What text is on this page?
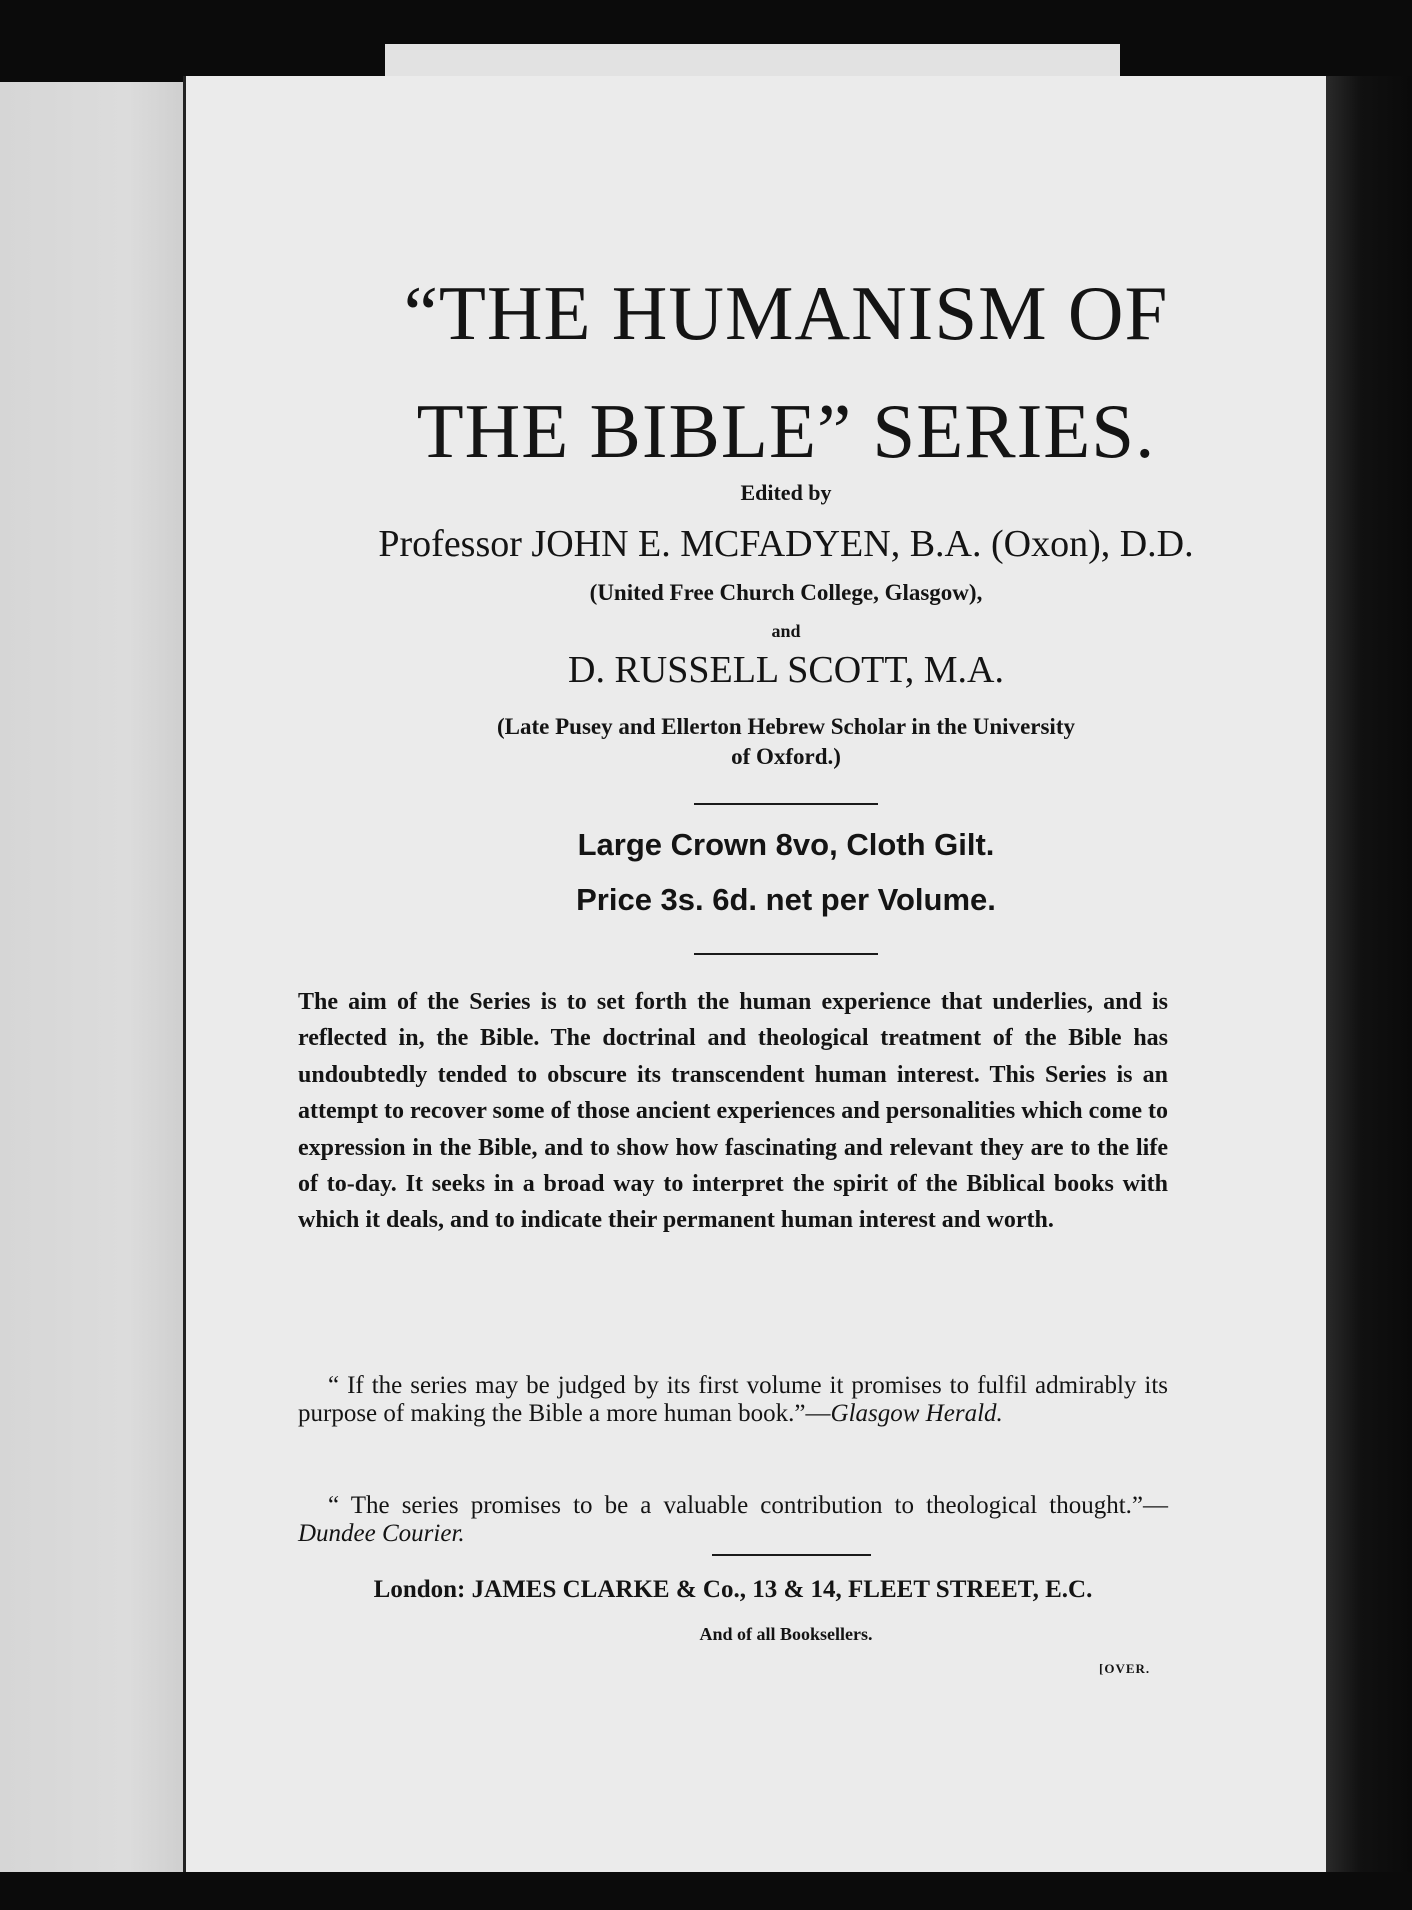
“THE HUMANISM OF
THE BIBLE” SERIES.
Edited by
Professor JOHN E. MCFADYEN, B.A. (Oxon), D.D.
(United Free Church College, Glasgow),
and
D. RUSSELL SCOTT, M.A.
(Late Pusey and Ellerton Hebrew Scholar in the University
of Oxford.)
Large Crown 8vo, Cloth Gilt.
Price 3s. 6d. net per Volume.
The aim of the Series is to set forth the human experience that underlies, and is reflected in, the Bible. The doctrinal and theological treatment of the Bible has undoubtedly tended to obscure its transcendent human interest. This Series is an attempt to recover some of those ancient experiences and personalities which come to expression in the Bible, and to show how fascinating and relevant they are to the life of to-day. It seeks in a broad way to interpret the spirit of the Biblical books with which it deals, and to indicate their permanent human interest and worth.
“ If the series may be judged by its first volume it promises to fulfil admirably its purpose of making the Bible a more human book.”—Glasgow Herald.
“ The series promises to be a valuable contribution to theological thought.”—Dundee Courier.
London: JAMES CLARKE & Co., 13 & 14, FLEET STREET, E.C.
And of all Booksellers.
[OVER.
